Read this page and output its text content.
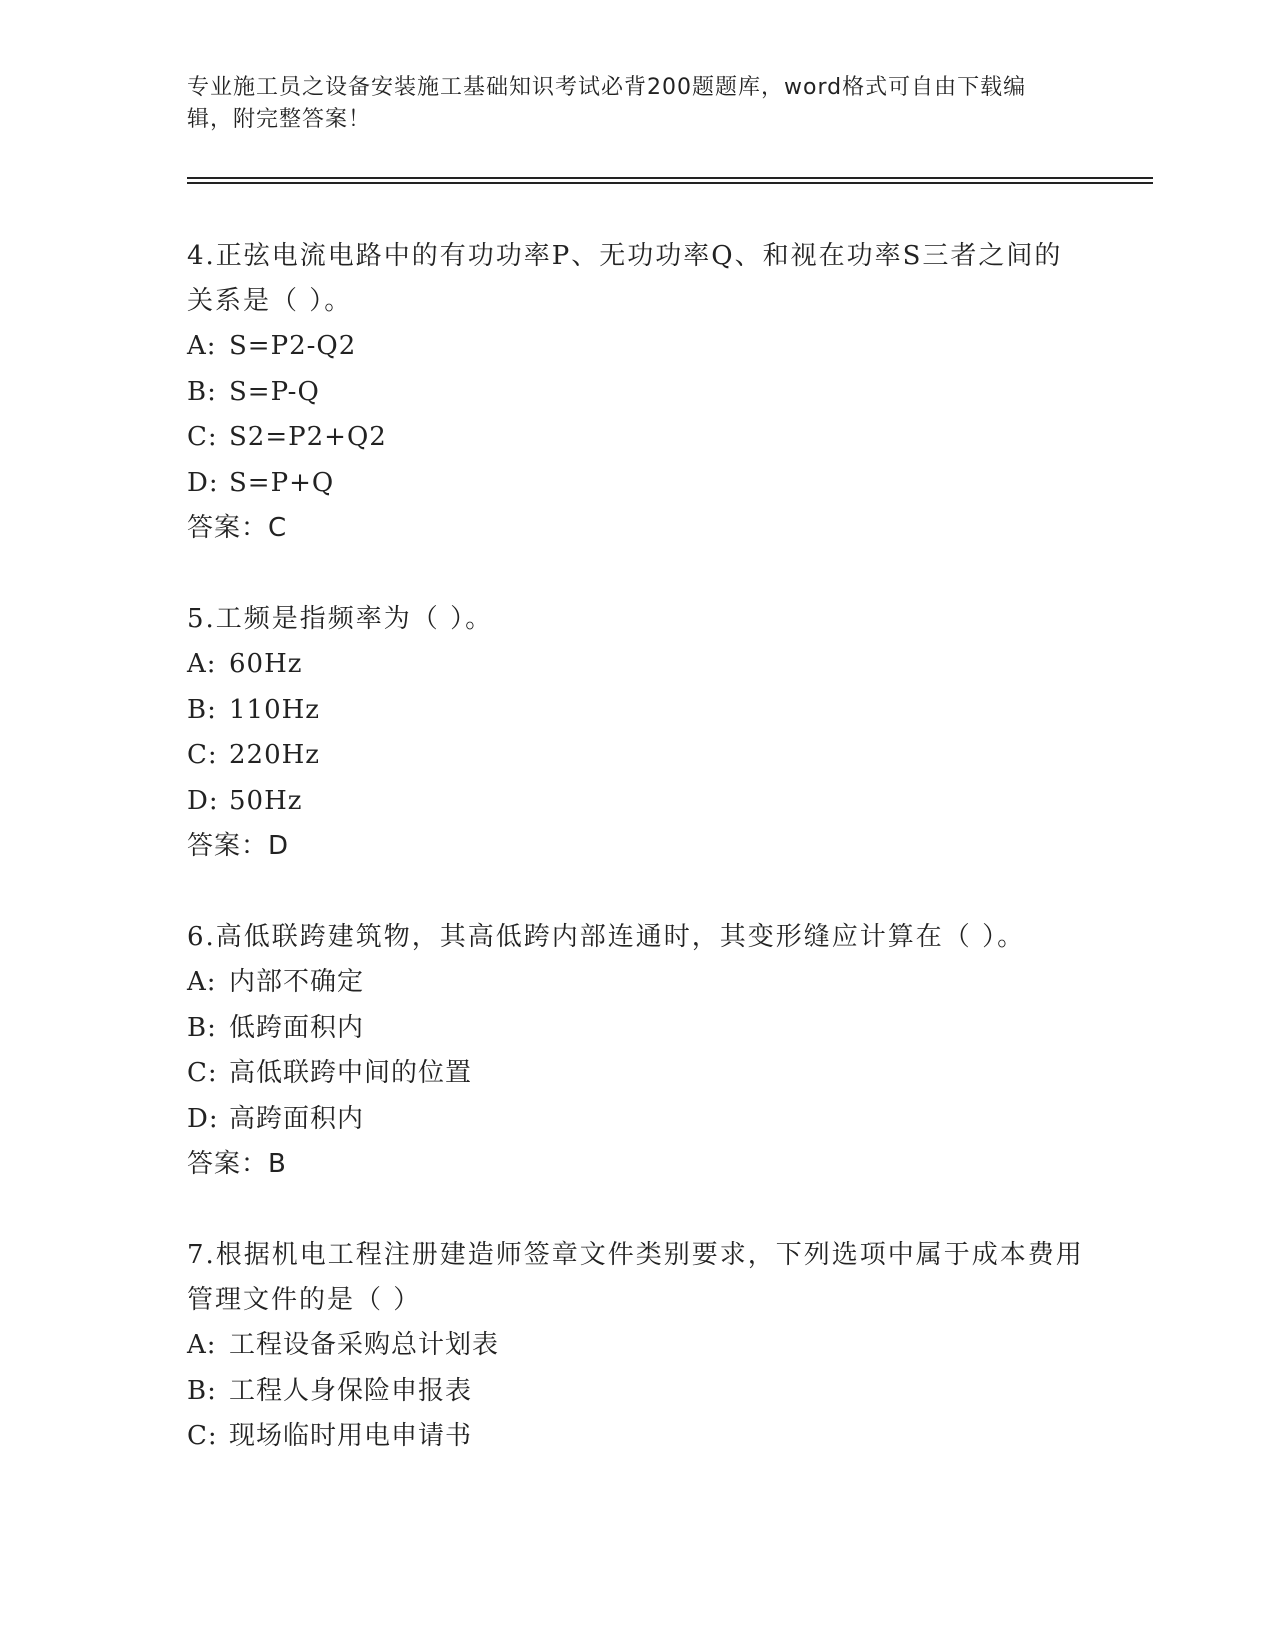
专业施工员之设备安装施工基础知识考试必背200题题库，word格式可自由下载编辑，附完整答案！

4.正弦电流电路中的有功功率P、无功功率Q、和视在功率S三者之间的关系是（ ）。

A: S=P2-Q2

B: S=P-Q

C: S2=P2+Q2

D: S=P+Q

答案：C

5.工频是指频率为（ ）。

A: 60Hz

B: 110Hz

C: 220Hz

D: 50Hz

答案：D

6.高低联跨建筑物，其高低跨内部连通时，其变形缝应计算在（ ）。

A: 内部不确定

B: 低跨面积内

C: 高低联跨中间的位置

D: 高跨面积内

答案：B

7.根据机电工程注册建造师签章文件类别要求，下列选项中属于成本费用管理文件的是（ ）

A: 工程设备采购总计划表

B: 工程人身保险申报表

C: 现场临时用电申请书
